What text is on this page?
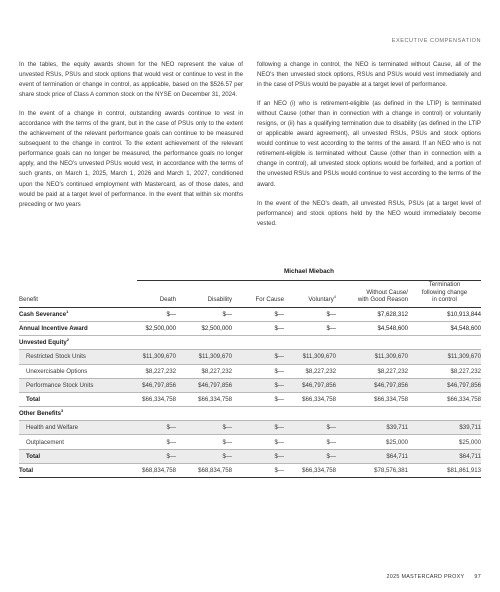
EXECUTIVE COMPENSATION

In the tables, the equity awards shown for the NEO represent the value of unvested RSUs, PSUs and stock options that would vest or continue to vest in the event of termination or change in control, as applicable, based on the $526.57 per share stock price of Class A common stock on the NYSE on December 31, 2024.

In the event of a change in control, outstanding awards continue to vest in accordance with the terms of the grant, but in the case of PSUs only to the extent the achievement of the relevant performance goals can continue to be measured subsequent to the change in control. To the extent achievement of the relevant performance goals can no longer be measured, the performance goals no longer apply, and the NEO's unvested PSUs would vest, in accordance with the terms of such grants, on March 1, 2025, March 1, 2026 and March 1, 2027, conditioned upon the NEO's continued employment with Mastercard, as of those dates, and would be paid at a target level of performance. In the event that within six months preceding or two years

following a change in control, the NEO is terminated without Cause, all of the NEO's then unvested stock options, RSUs and PSUs would vest immediately and in the case of PSUs would be payable at a target level of performance.

If an NEO (i) who is retirement-eligible (as defined in the LTIP) is terminated without Cause (other than in connection with a change in control) or voluntarily resigns, or (ii) has a qualifying termination due to disability (as defined in the LTIP or applicable award agreement), all unvested RSUs, PSUs and stock options would continue to vest according to the terms of the award. If an NEO who is not retirement-eligible is terminated without Cause (other than in connection with a change in control), all unvested stock options would be forfeited, and a portion of the unvested RSUs and PSUs would continue to vest according to the terms of the award.

In the event of the NEO's death, all unvested RSUs, PSUs (at a target level of performance) and stock options held by the NEO would immediately become vested.

Michael Miebach
Benefit	Death	Disability	For Cause	Voluntary$^4$	Without Cause/
with Good Reason	Termination
following change
in control
Cash Severance$^1$	$—	$—	$—	$—	$7,628,312	$10,913,844
Annual Incentive Award	$2,500,000	$2,500,000	$—	$—	$4,548,600	$4,548,600
Unvested Equity$^2$
Restricted Stock Units	$11,309,670	$11,309,670	$—	$11,309,670	$11,309,670	$11,309,670
Unexercisable Options	$8,227,232	$8,227,232	$—	$8,227,232	$8,227,232	$8,227,232
Performance Stock Units	$46,797,856	$46,797,856	$—	$46,797,856	$46,797,856	$46,797,856
Total	$66,334,758	$66,334,758	$—	$66,334,758	$66,334,758	$66,334,758
Other Benefits$^3$
Health and Welfare	$—	$—	$—	$—	$39,711	$39,711
Outplacement	$—	$—	$—	$—	$25,000	$25,000
Total	$—	$—	$—	$—	$64,711	$64,711
Total	$68,834,758	$68,834,758	$—	$66,334,758	$78,576,381	$81,861,913
2025 MASTERCARD PROXY 97
